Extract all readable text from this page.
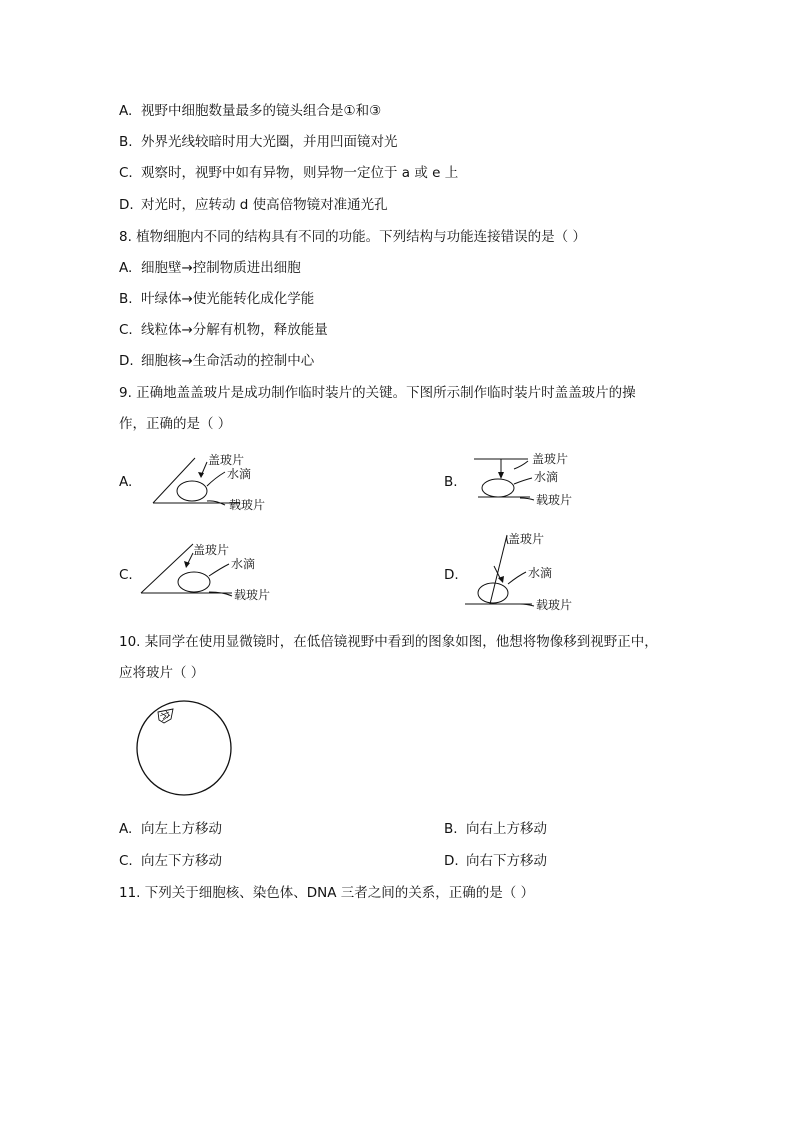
A. 视野中细胞数量最多的镜头组合是①和③
B. 外界光线较暗时用大光圈，并用凹面镜对光
C. 观察时，视野中如有异物，则异物一定位于 a 或 e 上
D. 对光时，应转动 d 使高倍物镜对准通光孔
8. 植物细胞内不同的结构具有不同的功能。下列结构与功能连接错误的是（ ）
A. 细胞壁→控制物质进出细胞
B. 叶绿体→使光能转化成化学能
C. 线粒体→分解有机物，释放能量
D. 细胞核→生命活动的控制中心
9. 正确地盖盖玻片是成功制作临时装片的关键。下图所示制作临时装片时盖盖玻片的操
作，正确的是（ ）
A.
盖玻片
水滴
载玻片
B.
盖玻片
水滴
载玻片
C.
盖玻片
水滴
载玻片
D.
盖玻片
水滴
载玻片
10. 某同学在使用显微镜时，在低倍镜视野中看到的图象如图，他想将物像移到视野正中，
应将玻片（ ）
A. 向左上方移动	B. 向右上方移动
C. 向左下方移动	D. 向右下方移动
11. 下列关于细胞核、染色体、DNA 三者之间的关系，正确的是（ ）
